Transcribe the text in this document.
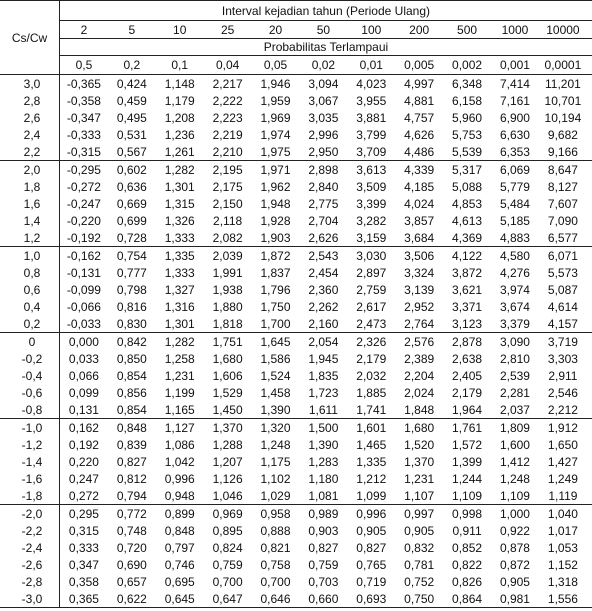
Cs/Cw
Interval kejadian tahun (Periode Ulang)
2	5	10	25	20	50	100	200	500	1000	10000
Probabilitas Terlampaui
0,5	0,2	0,1	0,04	0,05	0,02	0,01	0,005	0,002	0,001	0,0001
3,0	-0,365	0,424	1,148	2,217	1,946	3,094	4,023	4,997	6,348	7,414	11,201
2,8	-0,358	0,459	1,179	2,222	1,959	3,067	3,955	4,881	6,158	7,161	10,701
2,6	-0,347	0,495	1,208	2,223	1,969	3,035	3,881	4,757	5,960	6,900	10,194
2,4	-0,333	0,531	1,236	2,219	1,974	2,996	3,799	4,626	5,753	6,630	9,682
2,2	-0,315	0,567	1,261	2,210	1,975	2,950	3,709	4,486	5,539	6,353	9,166
2,0	-0,295	0,602	1,282	2,195	1,971	2,898	3,613	4,339	5,317	6,069	8,647
1,8	-0,272	0,636	1,301	2,175	1,962	2,840	3,509	4,185	5,088	5,779	8,127
1,6	-0,247	0,669	1,315	2,150	1,948	2,775	3,399	4,024	4,853	5,484	7,607
1,4	-0,220	0,699	1,326	2,118	1,928	2,704	3,282	3,857	4,613	5,185	7,090
1,2	-0,192	0,728	1,333	2,082	1,903	2,626	3,159	3,684	4,369	4,883	6,577
1,0	-0,162	0,754	1,335	2,039	1,872	2,543	3,030	3,506	4,122	4,580	6,071
0,8	-0,131	0,777	1,333	1,991	1,837	2,454	2,897	3,324	3,872	4,276	5,573
0,6	-0,099	0,798	1,327	1,938	1,796	2,360	2,759	3,139	3,621	3,974	5,087
0,4	-0,066	0,816	1,316	1,880	1,750	2,262	2,617	2,952	3,371	3,674	4,614
0,2	-0,033	0,830	1,301	1,818	1,700	2,160	2,473	2,764	3,123	3,379	4,157
0	0,000	0,842	1,282	1,751	1,645	2,054	2,326	2,576	2,878	3,090	3,719
-0,2	0,033	0,850	1,258	1,680	1,586	1,945	2,179	2,389	2,638	2,810	3,303
-0,4	0,066	0,854	1,231	1,606	1,524	1,835	2,032	2,204	2,405	2,539	2,911
-0,6	0,099	0,856	1,199	1,529	1,458	1,723	1,885	2,024	2,179	2,281	2,546
-0,8	0,131	0,854	1,165	1,450	1,390	1,611	1,741	1,848	1,964	2,037	2,212
-1,0	0,162	0,848	1,127	1,370	1,320	1,500	1,601	1,680	1,761	1,809	1,912
-1,2	0,192	0,839	1,086	1,288	1,248	1,390	1,465	1,520	1,572	1,600	1,650
-1,4	0,220	0,827	1,042	1,207	1,175	1,283	1,335	1,370	1,399	1,412	1,427
-1,6	0,247	0,812	0,996	1,126	1,102	1,180	1,212	1,231	1,244	1,248	1,249
-1,8	0,272	0,794	0,948	1,046	1,029	1,081	1,099	1,107	1,109	1,109	1,119
-2,0	0,295	0,772	0,899	0,969	0,958	0,989	0,996	0,997	0,998	1,000	1,040
-2,2	0,315	0,748	0,848	0,895	0,888	0,903	0,905	0,905	0,911	0,922	1,017
-2,4	0,333	0,720	0,797	0,824	0,821	0,827	0,827	0,832	0,852	0,878	1,053
-2,6	0,347	0,690	0,746	0,759	0,758	0,759	0,765	0,781	0,822	0,872	1,152
-2,8	0,358	0,657	0,695	0,700	0,700	0,703	0,719	0,752	0,826	0,905	1,318
-3,0	0,365	0,622	0,645	0,647	0,646	0,660	0,693	0,750	0,864	0,981	1,556
